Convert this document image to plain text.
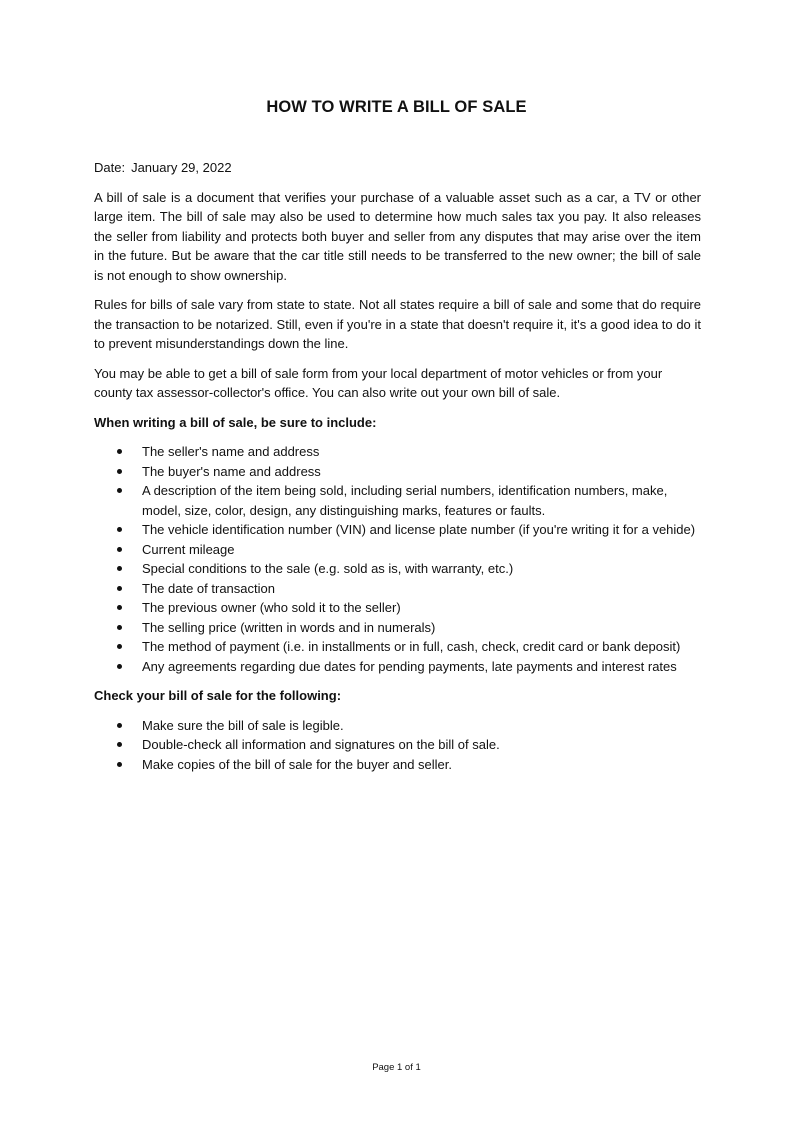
HOW TO WRITE A BILL OF SALE

Date: January 29, 2022

A bill of sale is a document that verifies your purchase of a valuable asset such as a car, a TV or other large item. The bill of sale may also be used to determine how much sales tax you pay. It also releases the seller from liability and protects both buyer and seller from any disputes that may arise over the item in the future. But be aware that the car title still needs to be transferred to the new owner; the bill of sale is not enough to show ownership.

Rules for bills of sale vary from state to state. Not all states require a bill of sale and some that do require the transaction to be notarized. Still, even if you're in a state that doesn't require it, it's a good idea to do it to prevent misunderstandings down the line.

You may be able to get a bill of sale form from your local department of motor vehicles or from your county tax assessor-collector's office. You can also write out your own bill of sale.

When writing a bill of sale, be sure to include:

The seller's name and address
The buyer's name and address
A description of the item being sold, including serial numbers, identification numbers, make, model, size, color, design, any distinguishing marks, features or faults.
The vehicle identification number (VIN) and license plate number (if you're writing it for a vehide)
Current mileage
Special conditions to the sale (e.g. sold as is, with warranty, etc.)
The date of transaction
The previous owner (who sold it to the seller)
The selling price (written in words and in numerals)
The method of payment (i.e. in installments or in full, cash, check, credit card or bank deposit)
Any agreements regarding due dates for pending payments, late payments and interest rates

Check your bill of sale for the following:

Make sure the bill of sale is legible.
Double-check all information and signatures on the bill of sale.
Make copies of the bill of sale for the buyer and seller.

Page 1 of 1
